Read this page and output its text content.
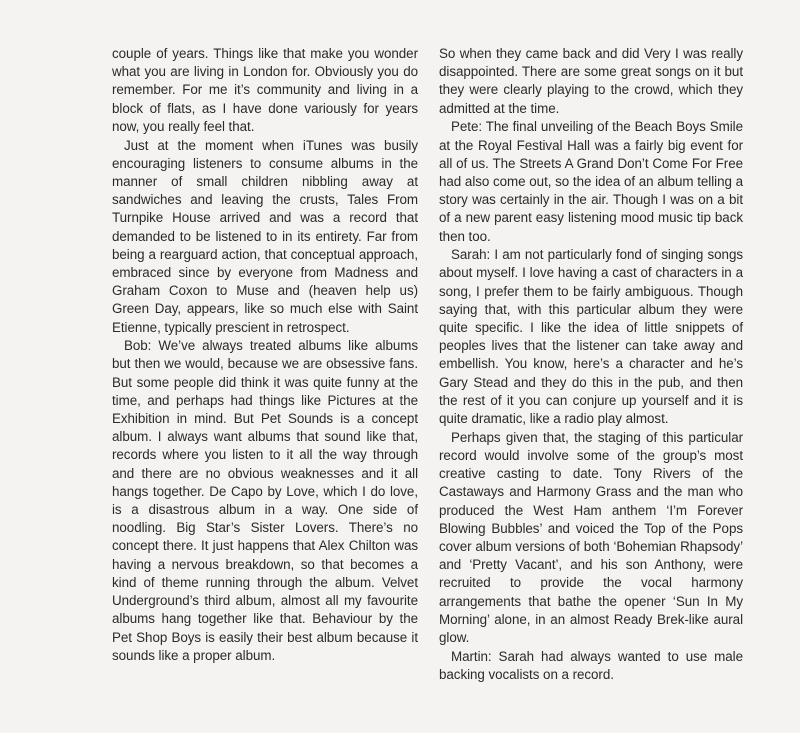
couple of years. Things like that make you wonder what you are living in London for. Obviously you do remember. For me it’s community and living in a block of flats, as I have done variously for years now, you really feel that.

Just at the moment when iTunes was busily encouraging listeners to consume albums in the manner of small children nibbling away at sandwiches and leaving the crusts, Tales From Turnpike House arrived and was a record that demanded to be listened to in its entirety. Far from being a rearguard action, that conceptual approach, embraced since by everyone from Madness and Graham Coxon to Muse and (heaven help us) Green Day, appears, like so much else with Saint Etienne, typically prescient in retrospect.

Bob: We’ve always treated albums like albums but then we would, because we are obsessive fans. But some people did think it was quite funny at the time, and perhaps had things like Pictures at the Exhibition in mind. But Pet Sounds is a concept album. I always want albums that sound like that, records where you listen to it all the way through and there are no obvious weaknesses and it all hangs together. De Capo by Love, which I do love, is a disastrous album in a way. One side of noodling. Big Star’s Sister Lovers. There’s no concept there. It just happens that Alex Chilton was having a nervous breakdown, so that becomes a kind of theme running through the album. Velvet Underground’s third album, almost all my favourite albums hang together like that. Behaviour by the Pet Shop Boys is easily their best album because it sounds like a proper album.

So when they came back and did Very I was really disappointed. There are some great songs on it but they were clearly playing to the crowd, which they admitted at the time.

Pete: The final unveiling of the Beach Boys Smile at the Royal Festival Hall was a fairly big event for all of us. The Streets A Grand Don’t Come For Free had also come out, so the idea of an album telling a story was certainly in the air. Though I was on a bit of a new parent easy listening mood music tip back then too.

Sarah: I am not particularly fond of singing songs about myself. I love having a cast of characters in a song, I prefer them to be fairly ambiguous. Though saying that, with this particular album they were quite specific. I like the idea of little snippets of peoples lives that the listener can take away and embellish. You know, here’s a character and he’s Gary Stead and they do this in the pub, and then the rest of it you can conjure up yourself and it is quite dramatic, like a radio play almost.

Perhaps given that, the staging of this particular record would involve some of the group’s most creative casting to date. Tony Rivers of the Castaways and Harmony Grass and the man who produced the West Ham anthem ‘I’m Forever Blowing Bubbles’ and voiced the Top of the Pops cover album versions of both ‘Bohemian Rhapsody’ and ‘Pretty Vacant’, and his son Anthony, were recruited to provide the vocal harmony arrangements that bathe the opener ‘Sun In My Morning’ alone, in an almost Ready Brek-like aural glow.

Martin: Sarah had always wanted to use male backing vocalists on a record.
